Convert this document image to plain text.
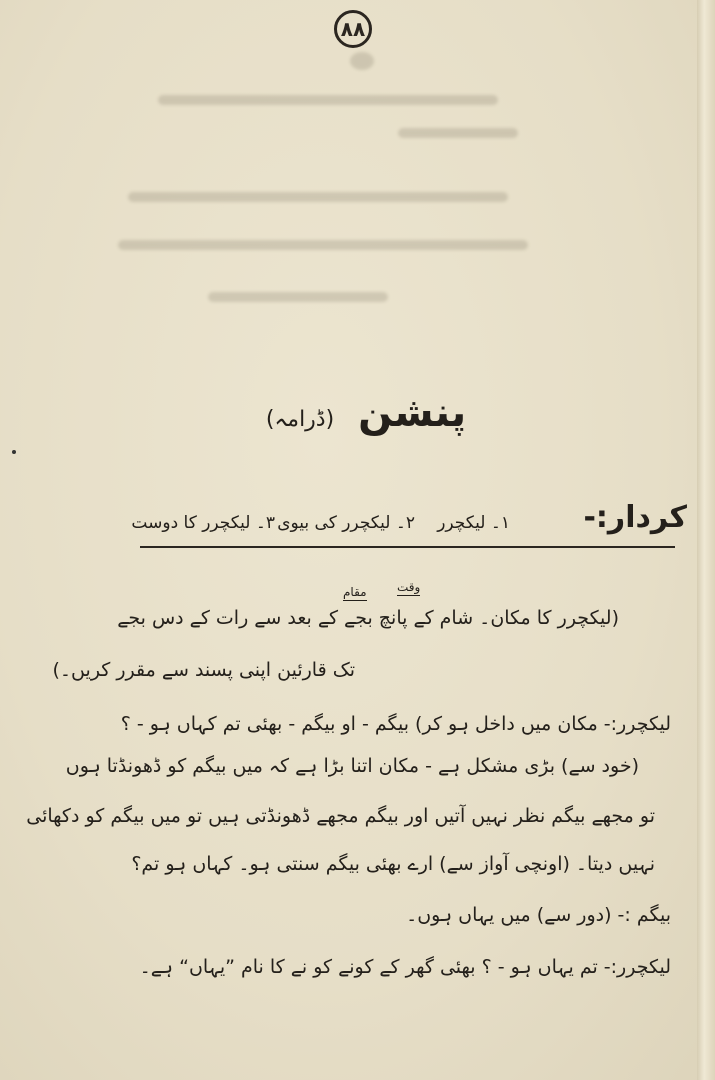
۸۸
پنشن (ڈرامہ)
کردار:-
۱۔ لیکچرر
۲۔ لیکچرر کی بیوی
۳۔ لیکچرر کا دوست
وقت
مقام
(لیکچرر کا مکان۔ شام کے پانچ بجے کے بعد سے رات کے دس بجے
تک قارئین اپنی پسند سے مقرر کریں۔)
لیکچرر:- مکان میں داخل ہو کر) بیگم - او بیگم - بھئی تم کہاں ہو - ؟
(خود سے) بڑی مشکل ہے - مکان اتنا بڑا ہے کہ میں بیگم کو ڈھونڈتا ہوں
تو مجھے بیگم نظر نہیں آتیں اور بیگم مجھے ڈھونڈتی ہیں تو میں بیگم کو دکھائی
نہیں دیتا۔ (اونچی آواز سے) ارے بھئی بیگم سنتی ہو۔ کہاں ہو تم؟
بیگم :- (دور سے) میں یہاں ہوں۔
لیکچرر:- تم یہاں ہو - ؟ بھئی گھر کے کونے کو نے کا نام ”یہاں“ ہے۔
